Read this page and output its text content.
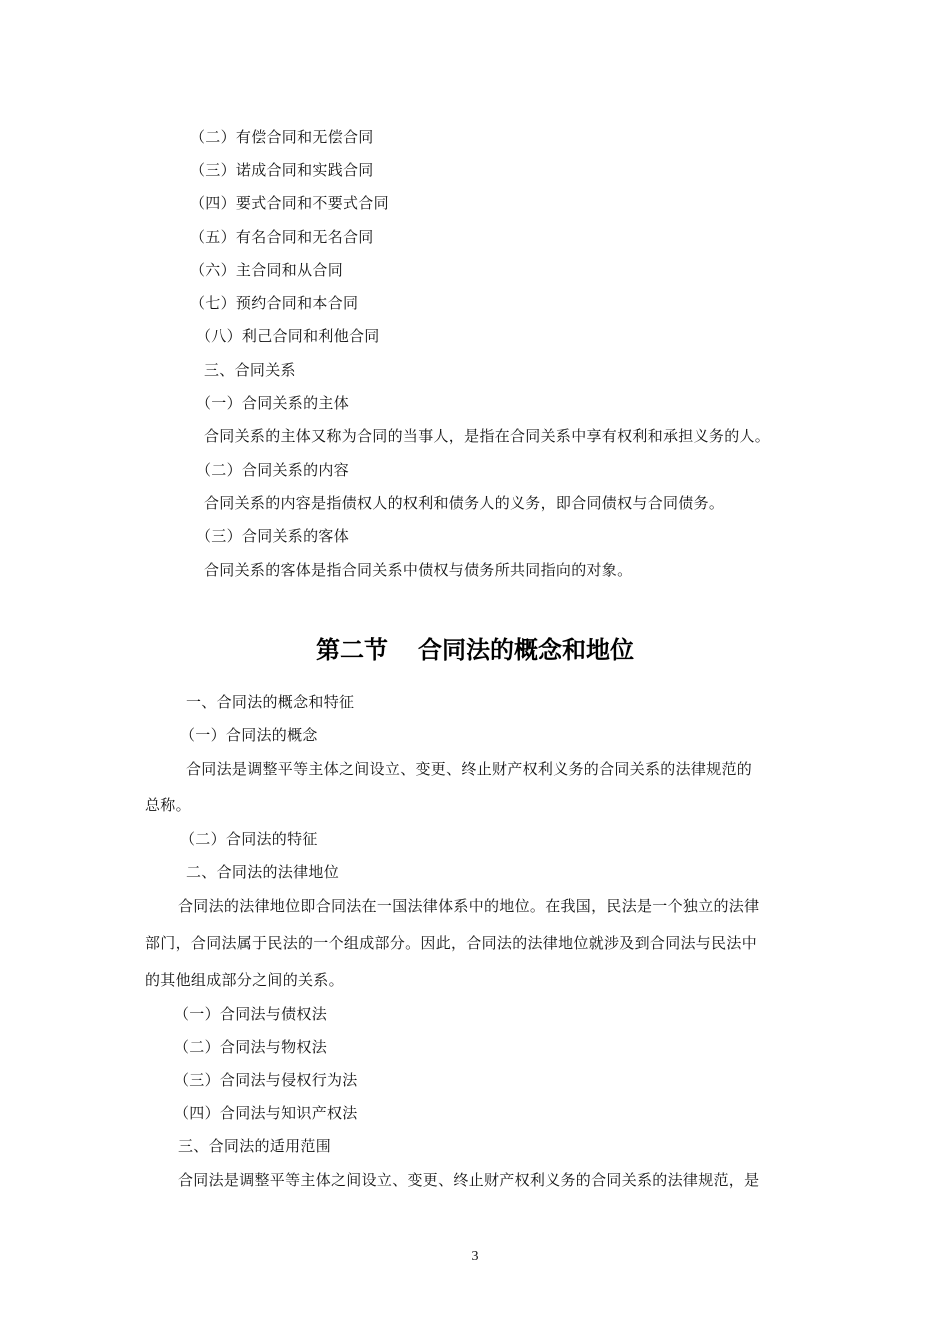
（二）有偿合同和无偿合同
（三）诺成合同和实践合同
（四）要式合同和不要式合同
（五）有名合同和无名合同
（六）主合同和从合同
（七）预约合同和本合同
（八）利己合同和利他合同
三、合同关系
（一）合同关系的主体
合同关系的主体又称为合同的当事人，是指在合同关系中享有权利和承担义务的人。
（二）合同关系的内容
合同关系的内容是指债权人的权利和债务人的义务，即合同债权与合同债务。
（三）合同关系的客体
合同关系的客体是指合同关系中债权与债务所共同指向的对象。
第二节 合同法的概念和地位
一、合同法的概念和特征
（一）合同法的概念
合同法是调整平等主体之间设立、变更、终止财产权利义务的合同关系的法律规范的
总称。
（二）合同法的特征
二、合同法的法律地位
合同法的法律地位即合同法在一国法律体系中的地位。在我国，民法是一个独立的法律
部门，合同法属于民法的一个组成部分。因此，合同法的法律地位就涉及到合同法与民法中
的其他组成部分之间的关系。
（一）合同法与债权法
（二）合同法与物权法
（三）合同法与侵权行为法
（四）合同法与知识产权法
三、合同法的适用范围
合同法是调整平等主体之间设立、变更、终止财产权利义务的合同关系的法律规范，是
3
